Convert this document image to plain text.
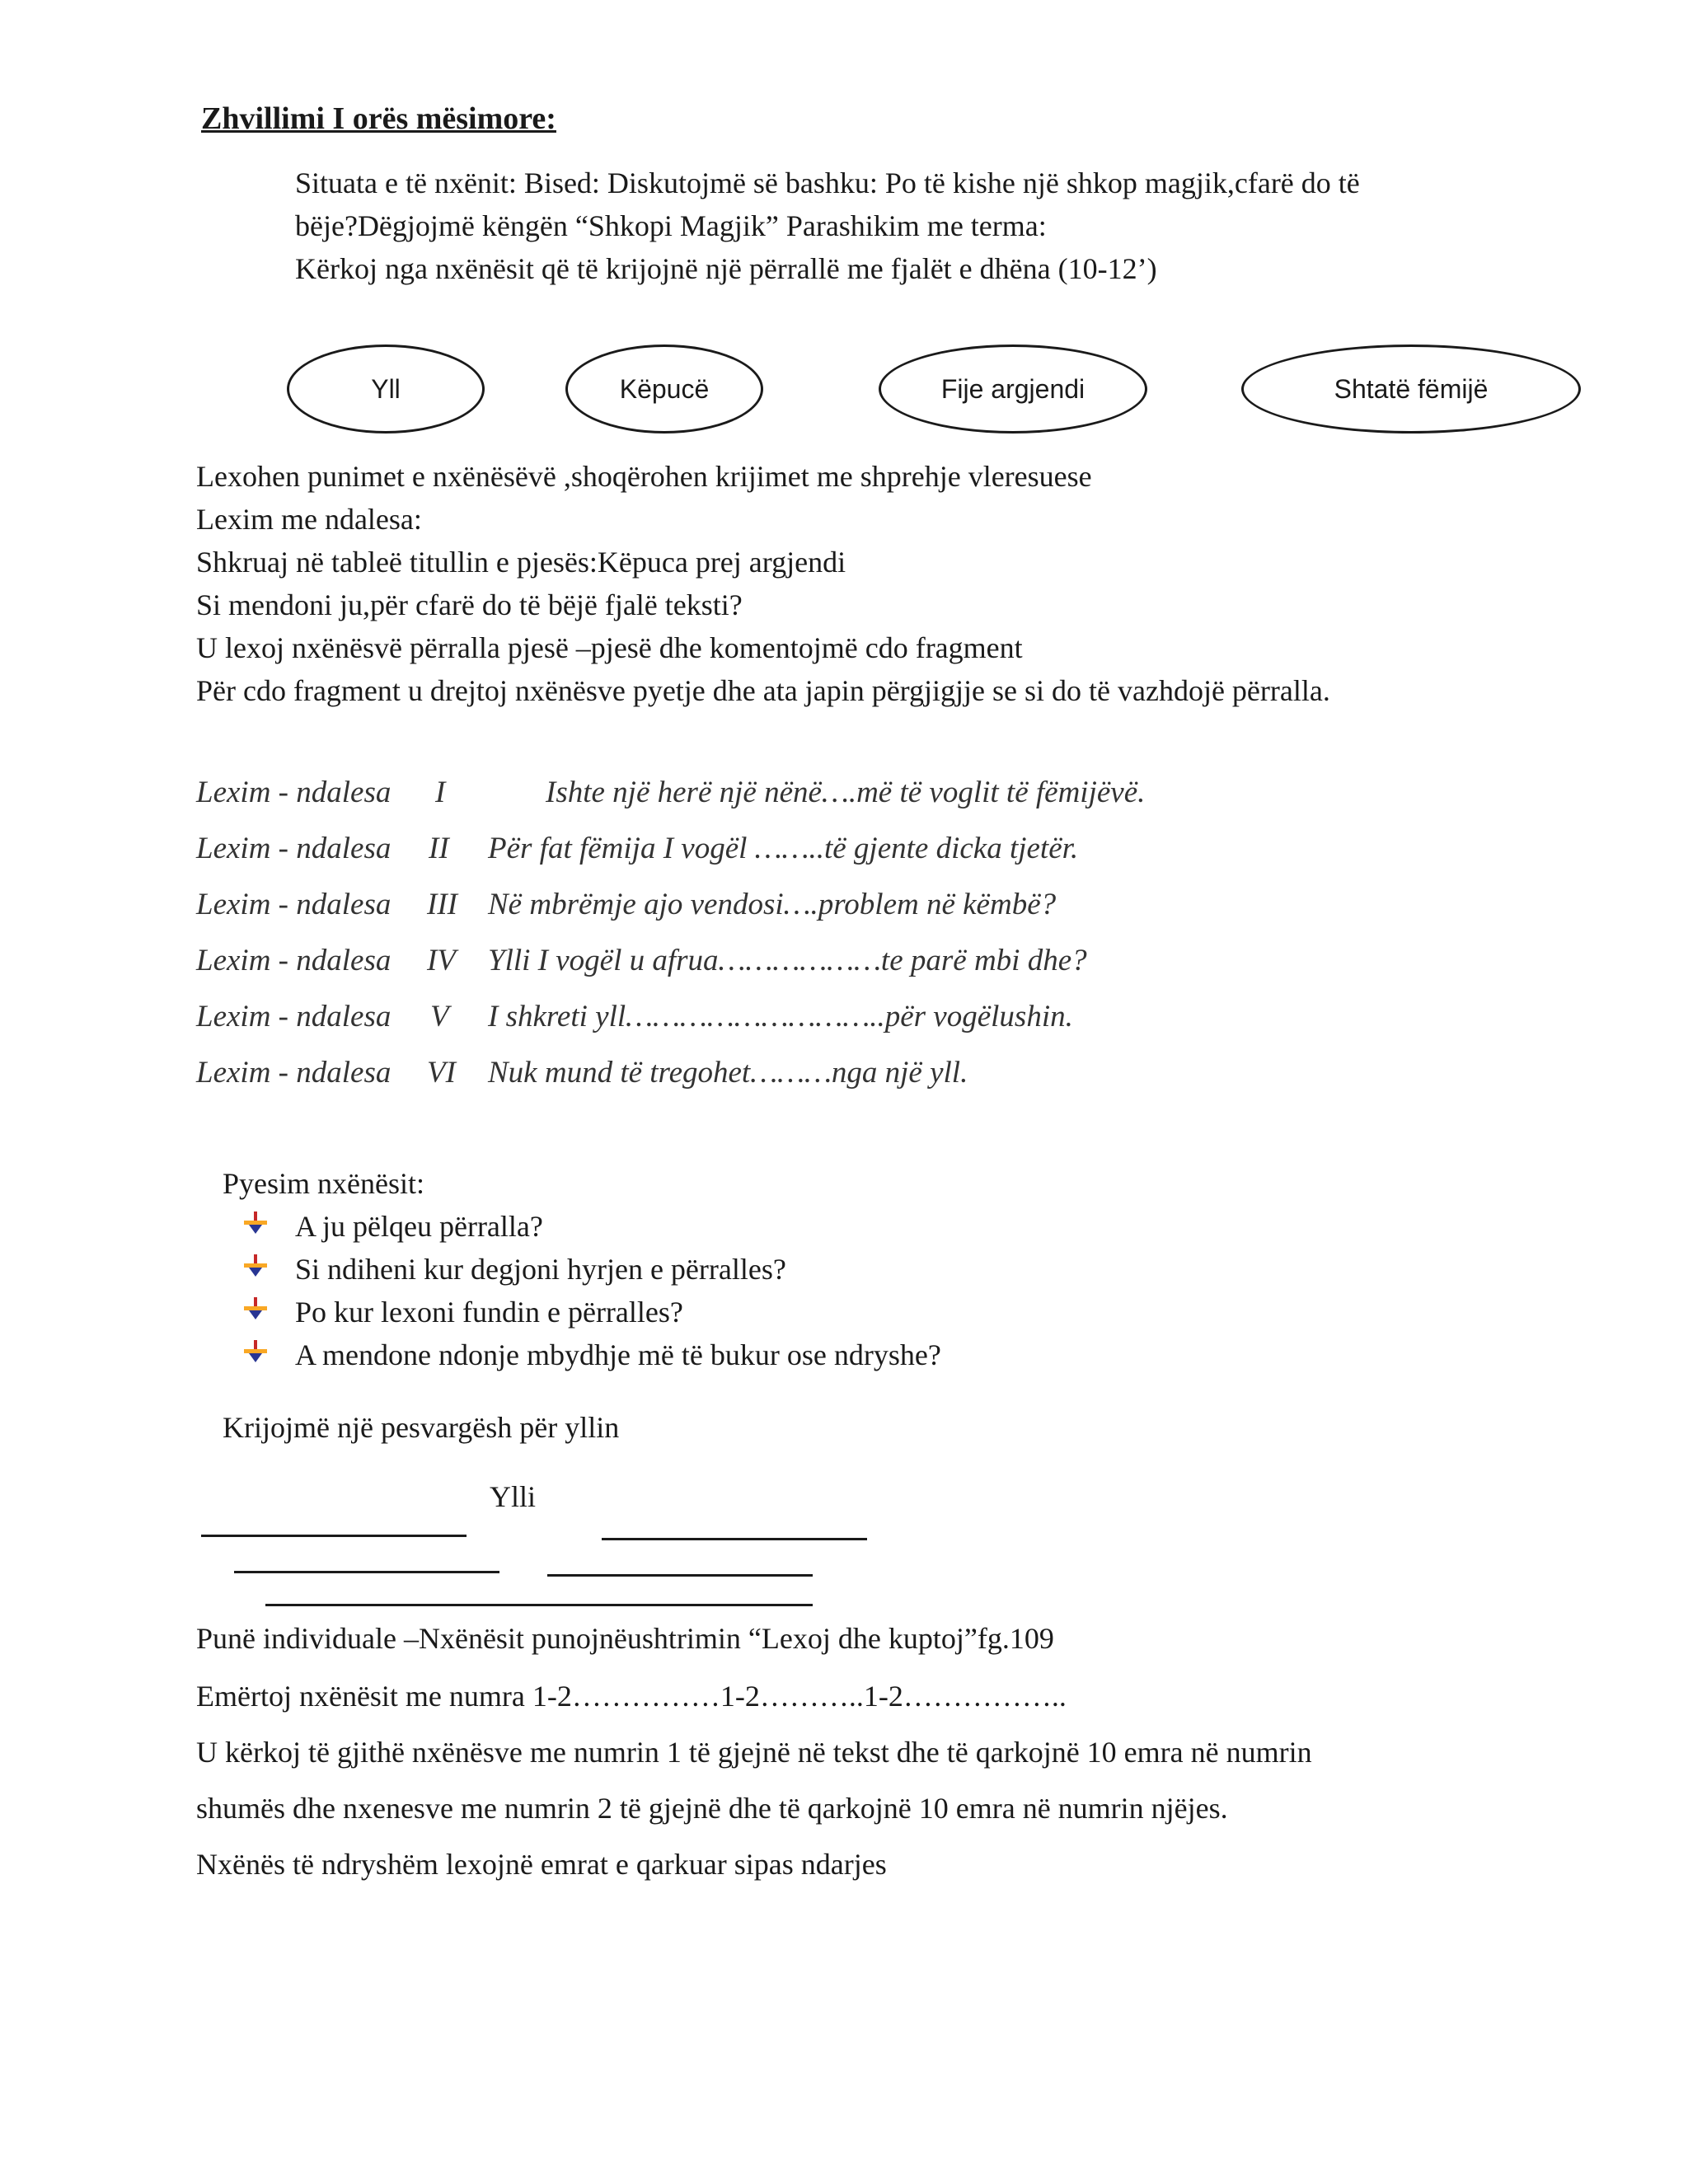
Zhvillimi I orës mësimore:
Situata e të nxënit: Bised: Diskutojmë së bashku: Po të kishe një shkop magjik,cfarë do të
bëje?Dëgjojmë këngën “Shkopi Magjik” Parashikim me terma:
Kërkoj nga nxënësit që të krijojnë një përrallë me fjalët e dhëna (10-12’)
Yll	Këpucë	Fije argjendi	Shtatë fëmijë
Lexohen punimet e nxënësëvë ,shoqërohen krijimet me shprehje vleresuese
Lexim me ndalesa:
Shkruaj në tableë titullin e pjesës:Këpuca prej argjendi
Si mendoni ju,për cfarë do të bëjë fjalë teksti?
U lexoj nxënësvë përralla pjesë –pjesë dhe komentojmë cdo fragment
Për cdo fragment u drejtoj nxënësve pyetje dhe ata japin përgjigjje se si do të vazhdojë përralla.
Lexim - ndalesa I	Ishte një herë një nënë….më të voglit të fëmijëvë.
Lexim - ndalesa II Për fat fëmija I vogël ……..të gjente dicka tjetër.
Lexim - ndalesa III Në mbrëmje ajo vendosi….problem në këmbë?
Lexim - ndalesa IV Ylli I vogël u afrua………………te parë mbi dhe?
Lexim - ndalesa V I shkreti yll………………………..për vogëlushin.
Lexim - ndalesa VI Nuk mund të tregohet………nga një yll.
Pyesim nxënësit:
A ju pëlqeu përralla?
Si ndiheni kur degjoni hyrjen e përralles?
Po kur lexoni fundin e përralles?
A mendone ndonje mbydhje më të bukur ose ndryshe?
Krijojmë një pesvargësh për yllin
Ylli
Punë individuale –Nxënësit punojnëushtrimin “Lexoj dhe kuptoj”fg.109
Emërtoj nxënësit me numra 1-2……………1-2………..1-2……………..
U kërkoj të gjithë nxënësve me numrin 1 të gjejnë në tekst dhe të qarkojnë 10 emra në numrin
shumës dhe nxenesve me numrin 2 të gjejnë dhe të qarkojnë 10 emra në numrin njëjes.
Nxënës të ndryshëm lexojnë emrat e qarkuar sipas ndarjes
